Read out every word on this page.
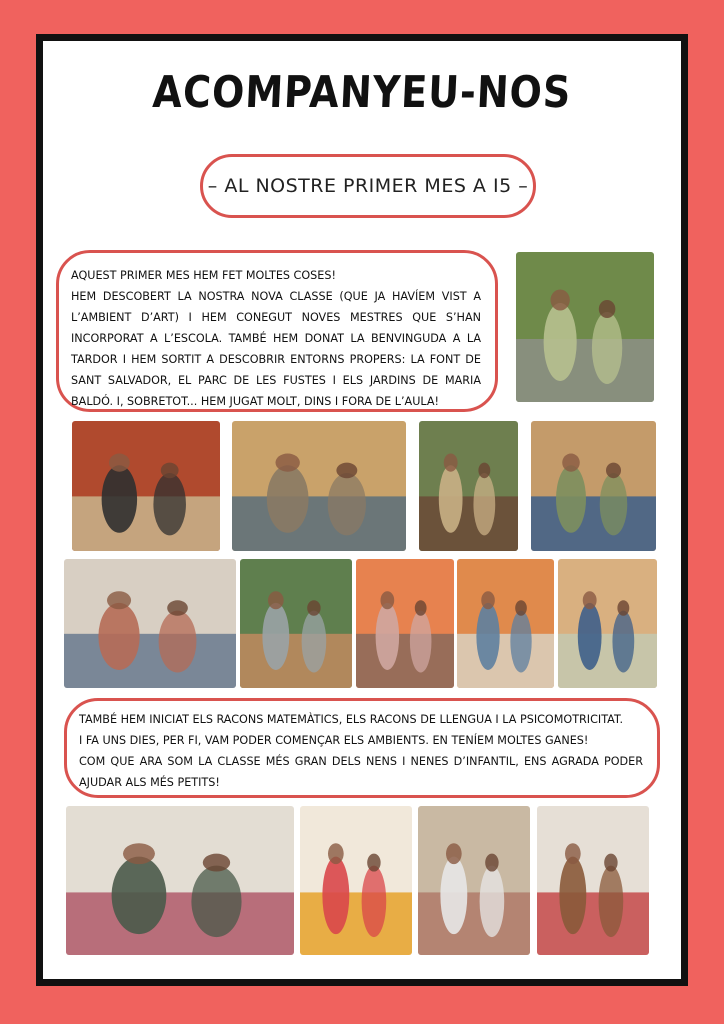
ACOMPANYEU-NOS
– AL NOSTRE PRIMER MES A I5 –

AQUEST PRIMER MES HEM FET MOLTES COSES!

HEM DESCOBERT LA NOSTRA NOVA CLASSE (QUE JA HAVÍEM VIST A L’AMBIENT D’ART) I HEM CONEGUT NOVES MESTRES QUE S’HAN INCORPORAT A L’ESCOLA. TAMBÉ HEM DONAT LA BENVINGUDA A LA TARDOR I HEM SORTIT A DESCOBRIR ENTORNS PROPERS: LA FONT DE SANT SALVADOR, EL PARC DE LES FUSTES I ELS JARDINS DE MARIA BALDÓ. I, SOBRETOT... HEM JUGAT MOLT, DINS I FORA DE L’AULA!

TAMBÉ HEM INICIAT ELS RACONS MATEMÀTICS, ELS RACONS DE LLENGUA I LA PSICOMOTRICITAT.

I FA UNS DIES, PER FI, VAM PODER COMENÇAR ELS AMBIENTS. EN TENÍEM MOLTES GANES!

COM QUE ARA SOM LA CLASSE MÉS GRAN DELS NENS I NENES D’INFANTIL, ENS AGRADA PODER AJUDAR ALS MÉS PETITS!
